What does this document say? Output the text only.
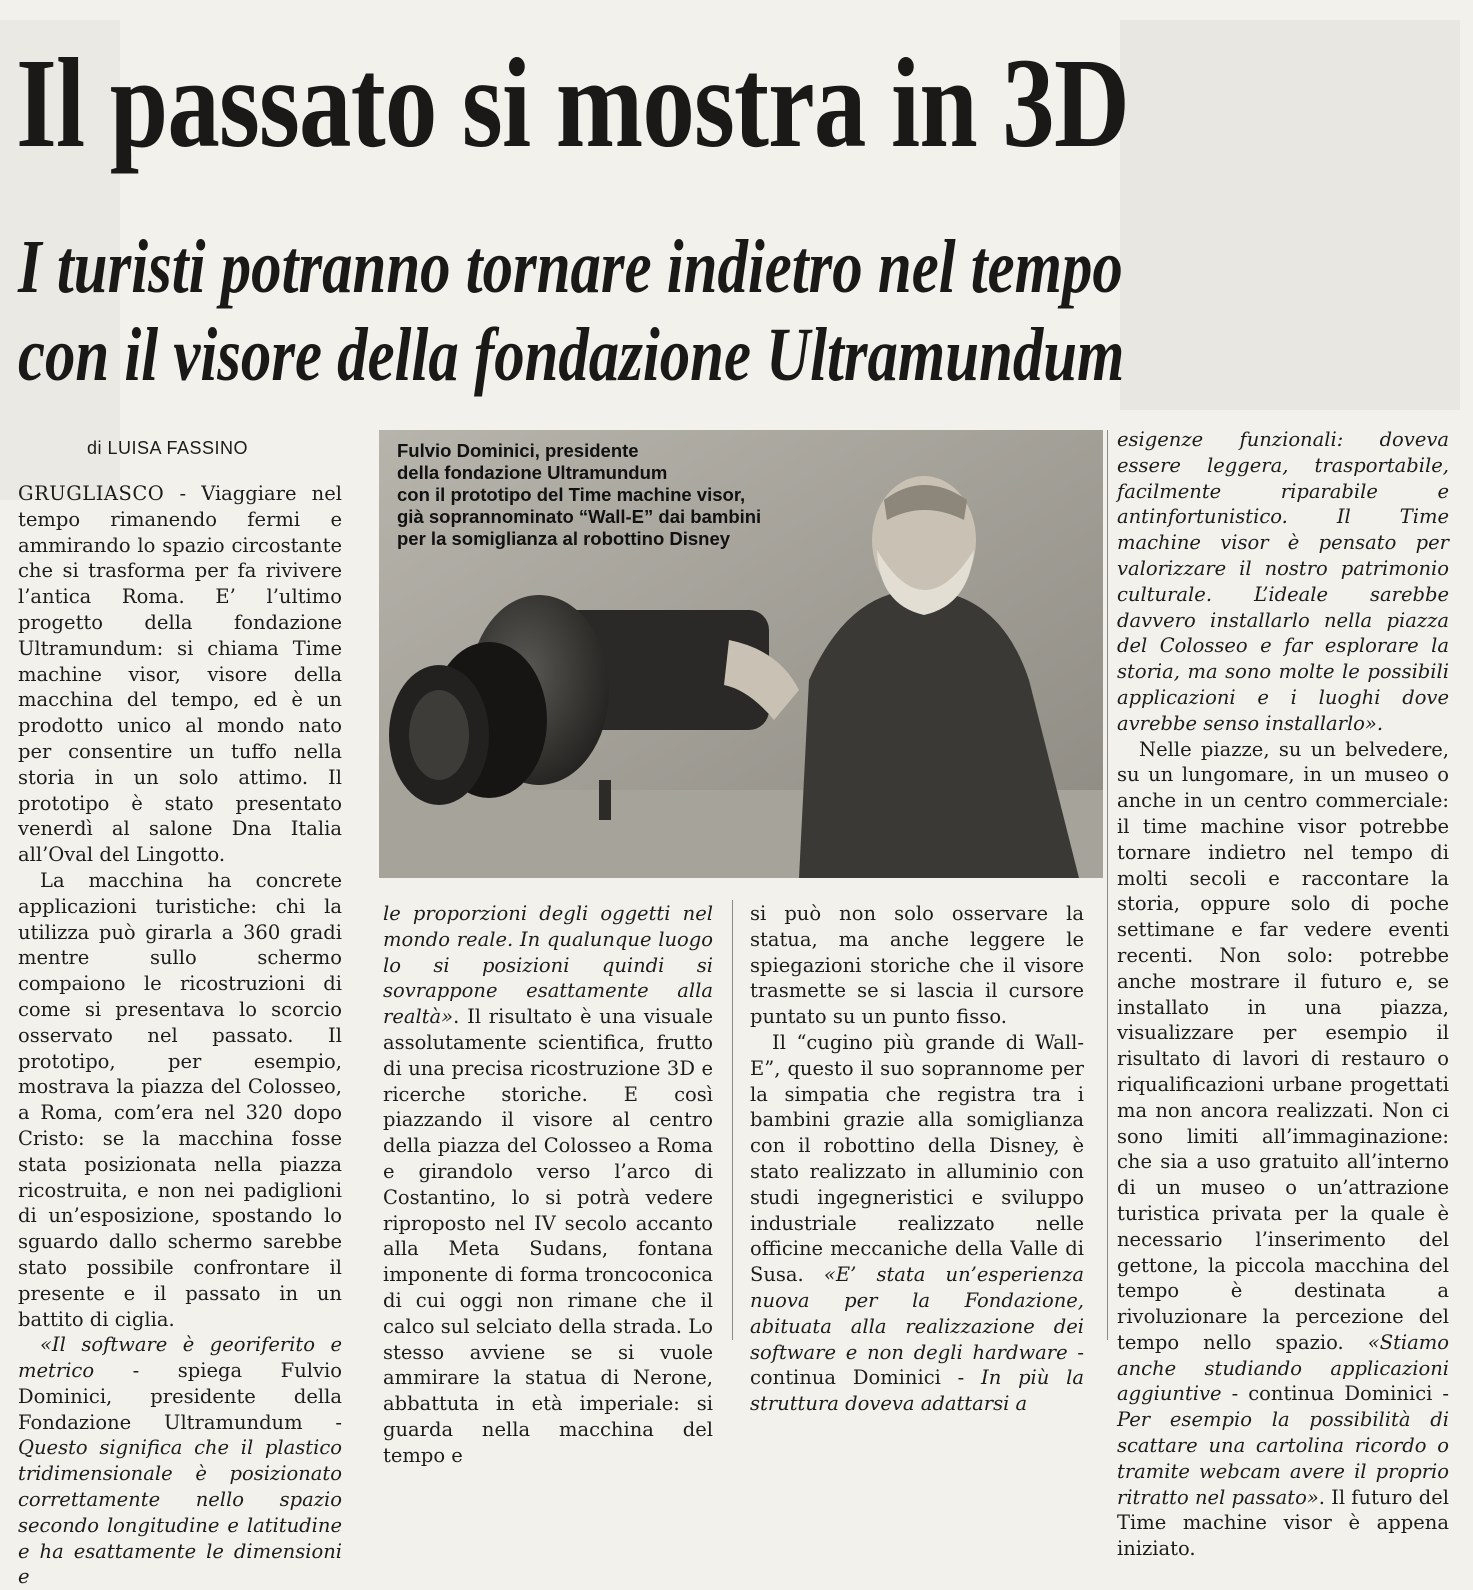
Il passato si mostra in 3D
I turisti potranno tornare indietro nel tempo
con il visore della fondazione Ultramundum
di LUISA FASSINO

GRUGLIASCO - Viaggiare nel tempo rimanendo fermi e ammirando lo spazio circostante che si trasforma per fa rivivere l’antica Roma. E’ l’ultimo progetto della fondazione Ultramundum: si chiama Time machine visor, visore della macchina del tempo, ed è un prodotto unico al mondo nato per consentire un tuffo nella storia in un solo attimo. Il prototipo è stato presentato venerdì al salone Dna Italia all’Oval del Lingotto.

La macchina ha concrete applicazioni turistiche: chi la utilizza può girarla a 360 gradi mentre sullo schermo compaiono le ricostruzioni di come si presentava lo scorcio osservato nel passato. Il prototipo, per esempio, mostrava la piazza del Colosseo, a Roma, com’era nel 320 dopo Cristo: se la macchina fosse stata posizionata nella piazza ricostruita, e non nei padiglioni di un’esposizione, spostando lo sguardo dallo schermo sarebbe stato possibile confrontare il presente e il passato in un battito di ciglia.

«Il software è georiferito e metrico - spiega Fulvio Dominici, presidente della Fondazione Ultramundum - Questo significa che il plastico tridimensionale è posizionato correttamente nello spazio secondo longitudine e latitudine e ha esattamente le dimensioni e

Fulvio Dominici, presidente
della fondazione Ultramundum
con il prototipo del Time machine visor,
già soprannominato “Wall-E” dai bambini
per la somiglianza al robottino Disney

le proporzioni degli oggetti nel mondo reale. In qualunque luogo lo si posizioni quindi si sovrappone esattamente alla realtà». Il risultato è una visuale assolutamente scientifica, frutto di una precisa ricostruzione 3D e ricerche storiche. E così piazzando il visore al centro della piazza del Colosseo a Roma e girandolo verso l’arco di Costantino, lo si potrà vedere riproposto nel IV secolo accanto alla Meta Sudans, fontana imponente di forma troncoconica di cui oggi non rimane che il calco sul selciato della strada. Lo stesso avviene se si vuole ammirare la statua di Nerone, abbattuta in età imperiale: si guarda nella macchina del tempo e

si può non solo osservare la statua, ma anche leggere le spiegazioni storiche che il visore trasmette se si lascia il cursore puntato su un punto fisso.

Il “cugino più grande di Wall-E”, questo il suo soprannome per la simpatia che registra tra i bambini grazie alla somiglianza con il robottino della Disney, è stato realizzato in alluminio con studi ingegneristici e sviluppo industriale realizzato nelle officine meccaniche della Valle di Susa. «E’ stata un’esperienza nuova per la Fondazione, abituata alla realizzazione dei software e non degli hardware - continua Dominici - In più la struttura doveva adattarsi a

esigenze funzionali: doveva essere leggera, trasportabile, facilmente riparabile e antinfortunistico. Il Time machine visor è pensato per valorizzare il nostro patrimonio culturale. L’ideale sarebbe davvero installarlo nella piazza del Colosseo e far esplorare la storia, ma sono molte le possibili applicazioni e i luoghi dove avrebbe senso installarlo».

Nelle piazze, su un belvedere, su un lungomare, in un museo o anche in un centro commerciale: il time machine visor potrebbe tornare indietro nel tempo di molti secoli e raccontare la storia, oppure solo di poche settimane e far vedere eventi recenti. Non solo: potrebbe anche mostrare il futuro e, se installato in una piazza, visualizzare per esempio il risultato di lavori di restauro o riqualificazioni urbane progettati ma non ancora realizzati. Non ci sono limiti all’immaginazione: che sia a uso gratuito all’interno di un museo o un’attrazione turistica privata per la quale è necessario l’inserimento del gettone, la piccola macchina del tempo è destinata a rivoluzionare la percezione del tempo nello spazio. «Stiamo anche studiando applicazioni aggiuntive - continua Dominici - Per esempio la possibilità di scattare una cartolina ricordo o tramite webcam avere il proprio ritratto nel passato». Il futuro del Time machine visor è appena iniziato.
